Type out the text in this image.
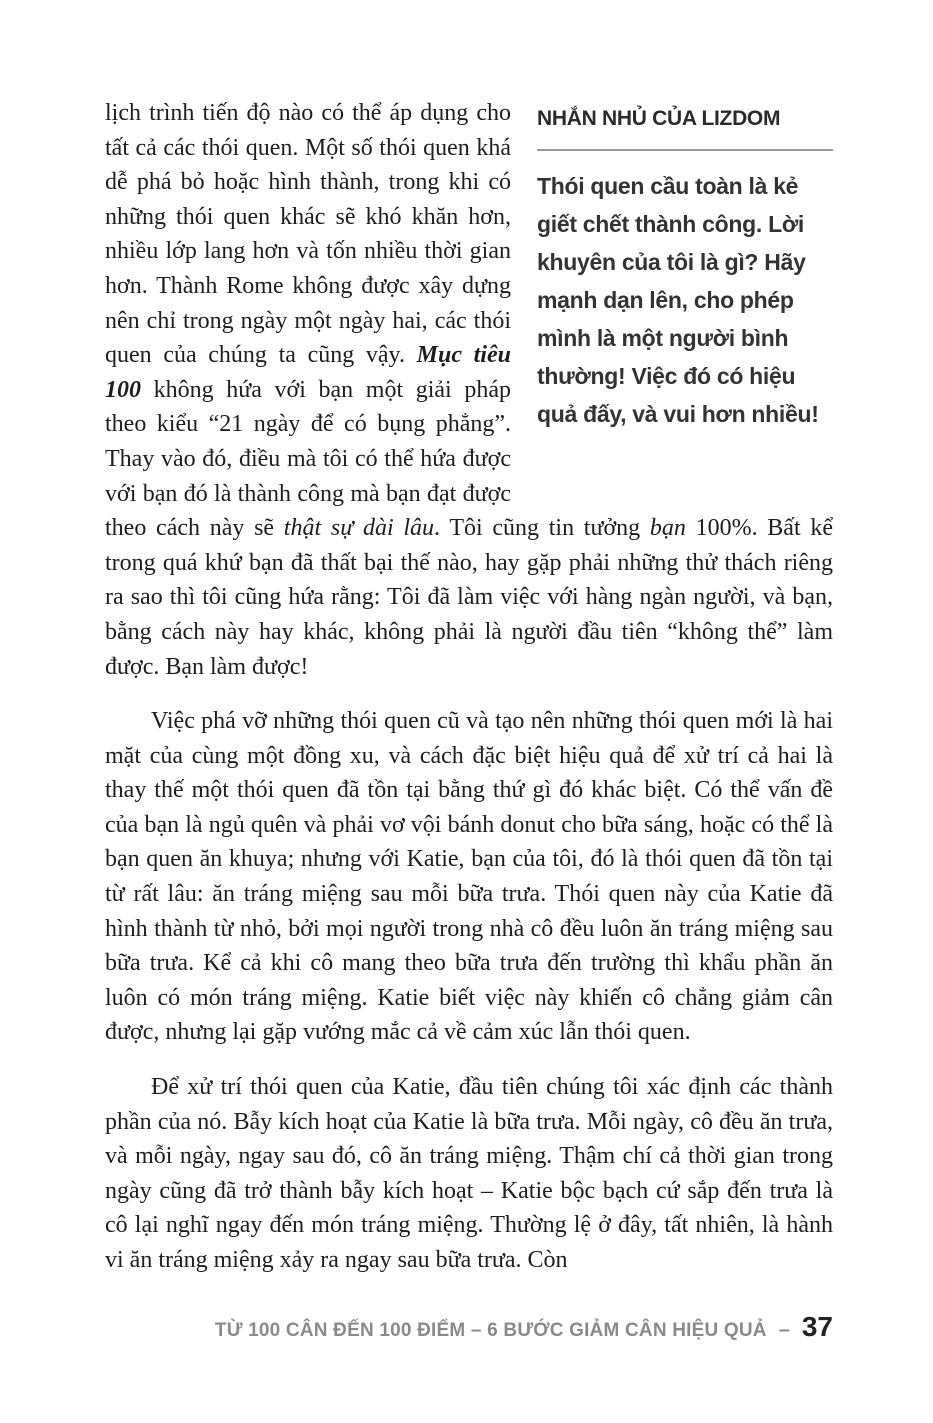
NHẮN NHỦ CỦA LIZDOM

Thói quen cầu toàn là kẻ giết chết thành công. Lời khuyên của tôi là gì? Hãy mạnh dạn lên, cho phép mình là một người bình thường! Việc đó có hiệu quả đấy, và vui hơn nhiều!

lịch trình tiến độ nào có thể áp dụng cho tất cả các thói quen. Một số thói quen khá dễ phá bỏ hoặc hình thành, trong khi có những thói quen khác sẽ khó khăn hơn, nhiều lớp lang hơn và tốn nhiều thời gian hơn. Thành Rome không được xây dựng nên chỉ trong ngày một ngày hai, các thói quen của chúng ta cũng vậy. Mục tiêu 100 không hứa với bạn một giải pháp theo kiểu “21 ngày để có bụng phẳng”. Thay vào đó, điều mà tôi có thể hứa được với bạn đó là thành công mà bạn đạt được theo cách này sẽ thật sự dài lâu. Tôi cũng tin tưởng bạn 100%. Bất kể trong quá khứ bạn đã thất bại thế nào, hay gặp phải những thử thách riêng ra sao thì tôi cũng hứa rằng: Tôi đã làm việc với hàng ngàn người, và bạn, bằng cách này hay khác, không phải là người đầu tiên “không thể” làm được. Bạn làm được!

Việc phá vỡ những thói quen cũ và tạo nên những thói quen mới là hai mặt của cùng một đồng xu, và cách đặc biệt hiệu quả để xử trí cả hai là thay thế một thói quen đã tồn tại bằng thứ gì đó khác biệt. Có thể vấn đề của bạn là ngủ quên và phải vơ vội bánh donut cho bữa sáng, hoặc có thể là bạn quen ăn khuya; nhưng với Katie, bạn của tôi, đó là thói quen đã tồn tại từ rất lâu: ăn tráng miệng sau mỗi bữa trưa. Thói quen này của Katie đã hình thành từ nhỏ, bởi mọi người trong nhà cô đều luôn ăn tráng miệng sau bữa trưa. Kể cả khi cô mang theo bữa trưa đến trường thì khẩu phần ăn luôn có món tráng miệng. Katie biết việc này khiến cô chẳng giảm cân được, nhưng lại gặp vướng mắc cả về cảm xúc lẫn thói quen.

Để xử trí thói quen của Katie, đầu tiên chúng tôi xác định các thành phần của nó. Bẫy kích hoạt của Katie là bữa trưa. Mỗi ngày, cô đều ăn trưa, và mỗi ngày, ngay sau đó, cô ăn tráng miệng. Thậm chí cả thời gian trong ngày cũng đã trở thành bẫy kích hoạt – Katie bộc bạch cứ sắp đến trưa là cô lại nghĩ ngay đến món tráng miệng. Thường lệ ở đây, tất nhiên, là hành vi ăn tráng miệng xảy ra ngay sau bữa trưa. Còn

TỪ 100 CÂN ĐẾN 100 ĐIỂM – 6 BƯỚC GIẢM CÂN HIỆU QUẢ – 37
